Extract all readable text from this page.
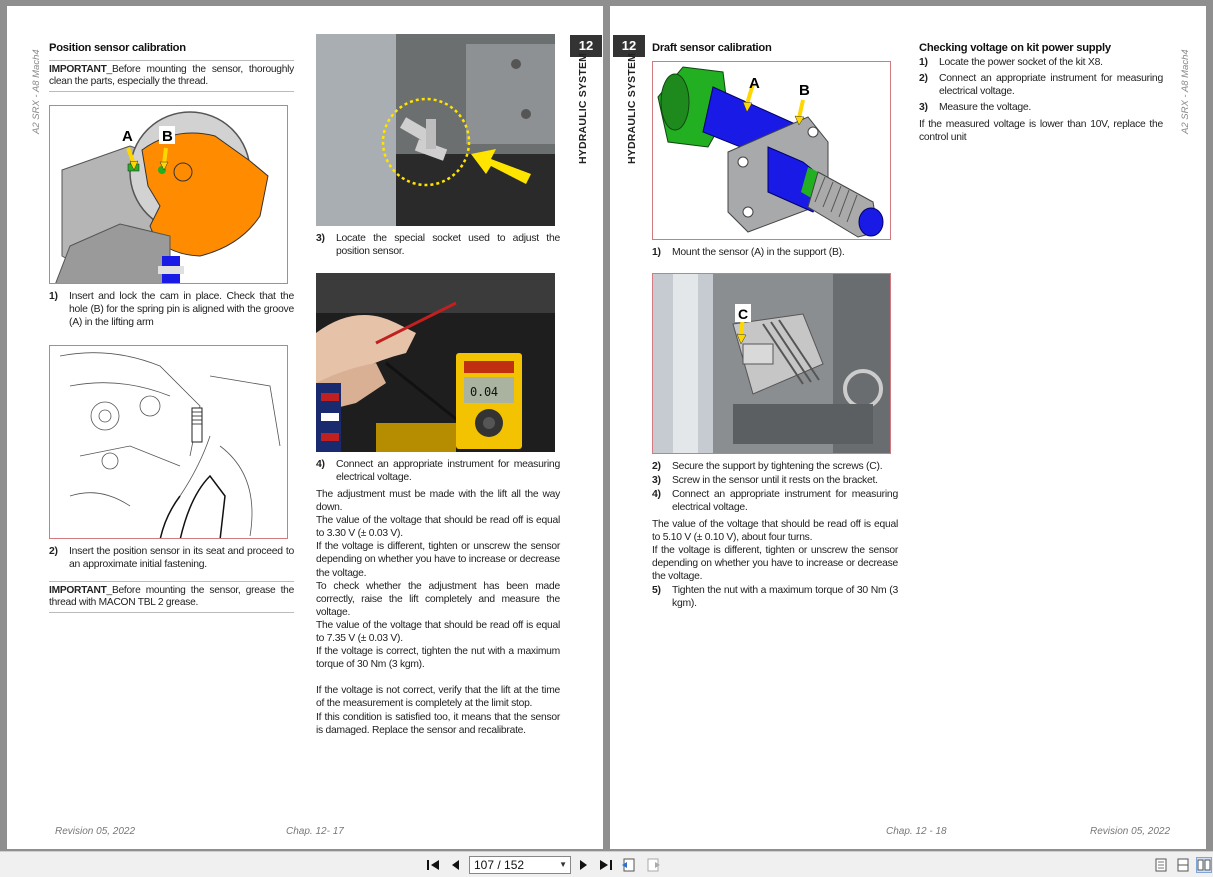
A2 SRX - A8 Mach4
12
HYDRAULIC SYSTEM
Position sensor calibration
IMPORTANT_Before mounting the sensor, thoroughly clean the parts, especially the thread.
A B
1)	Insert and lock the cam in place. Check that the hole (B) for the spring pin is aligned with the groove (A) in the lifting arm
2)	Insert the position sensor in its seat and proceed to an approximate initial fastening.
IMPORTANT_Before mounting the sensor, grease the thread with MACON TBL 2 grease.
3)	Locate the special socket used to adjust the position sensor.
0.04
4)	Connect an appropriate instrument for measuring electrical voltage.

The adjustment must be made with the lift all the way down.

The value of the voltage that should be read off is equal to 3.30 V (± 0.03 V).

If the voltage is different, tighten or unscrew the sensor depending on whether you have to increase or decrease the voltage.

To check whether the adjustment has been made correctly, raise the lift completely and measure the voltage.

The value of the voltage that should be read off is equal to 7.35 V (± 0.03 V).

If the voltage is correct, tighten the nut with a maximum torque of 30 Nm (3 kgm).

If the voltage is not correct, verify that the lift at the time of the measurement is completely at the limit stop.

If this condition is satisfied too, it means that the sensor is damaged. Replace the sensor and recalibrate.

Revision 05, 2022	Chap. 12- 17
12
HYDRAULIC SYSTEM	A2 SRX - A8 Mach4
Draft sensor calibration
A	B
1)	Mount the sensor (A) in the support (B).
C
2)	Secure the support by tightening the screws (C).
3)	Screw in the sensor until it rests on the bracket.
4)	Connect an appropriate instrument for measuring electrical voltage.

The value of the voltage that should be read off is equal to 5.10 V (± 0.10 V), about four turns.

If the voltage is different, tighten or unscrew the sensor depending on whether you have to increase or decrease the voltage.

5)	Tighten the nut with a maximum torque of 30 Nm (3 kgm).
Checking voltage on kit power supply
1)	Locate the power socket of the kit X8.
2)	Connect an appropriate instrument for measuring electrical voltage.
3)	Measure the voltage.

If the measured voltage is lower than 10V, replace the control unit

Chap. 12 - 18	Revision 05, 2022
107 / 152	▼
